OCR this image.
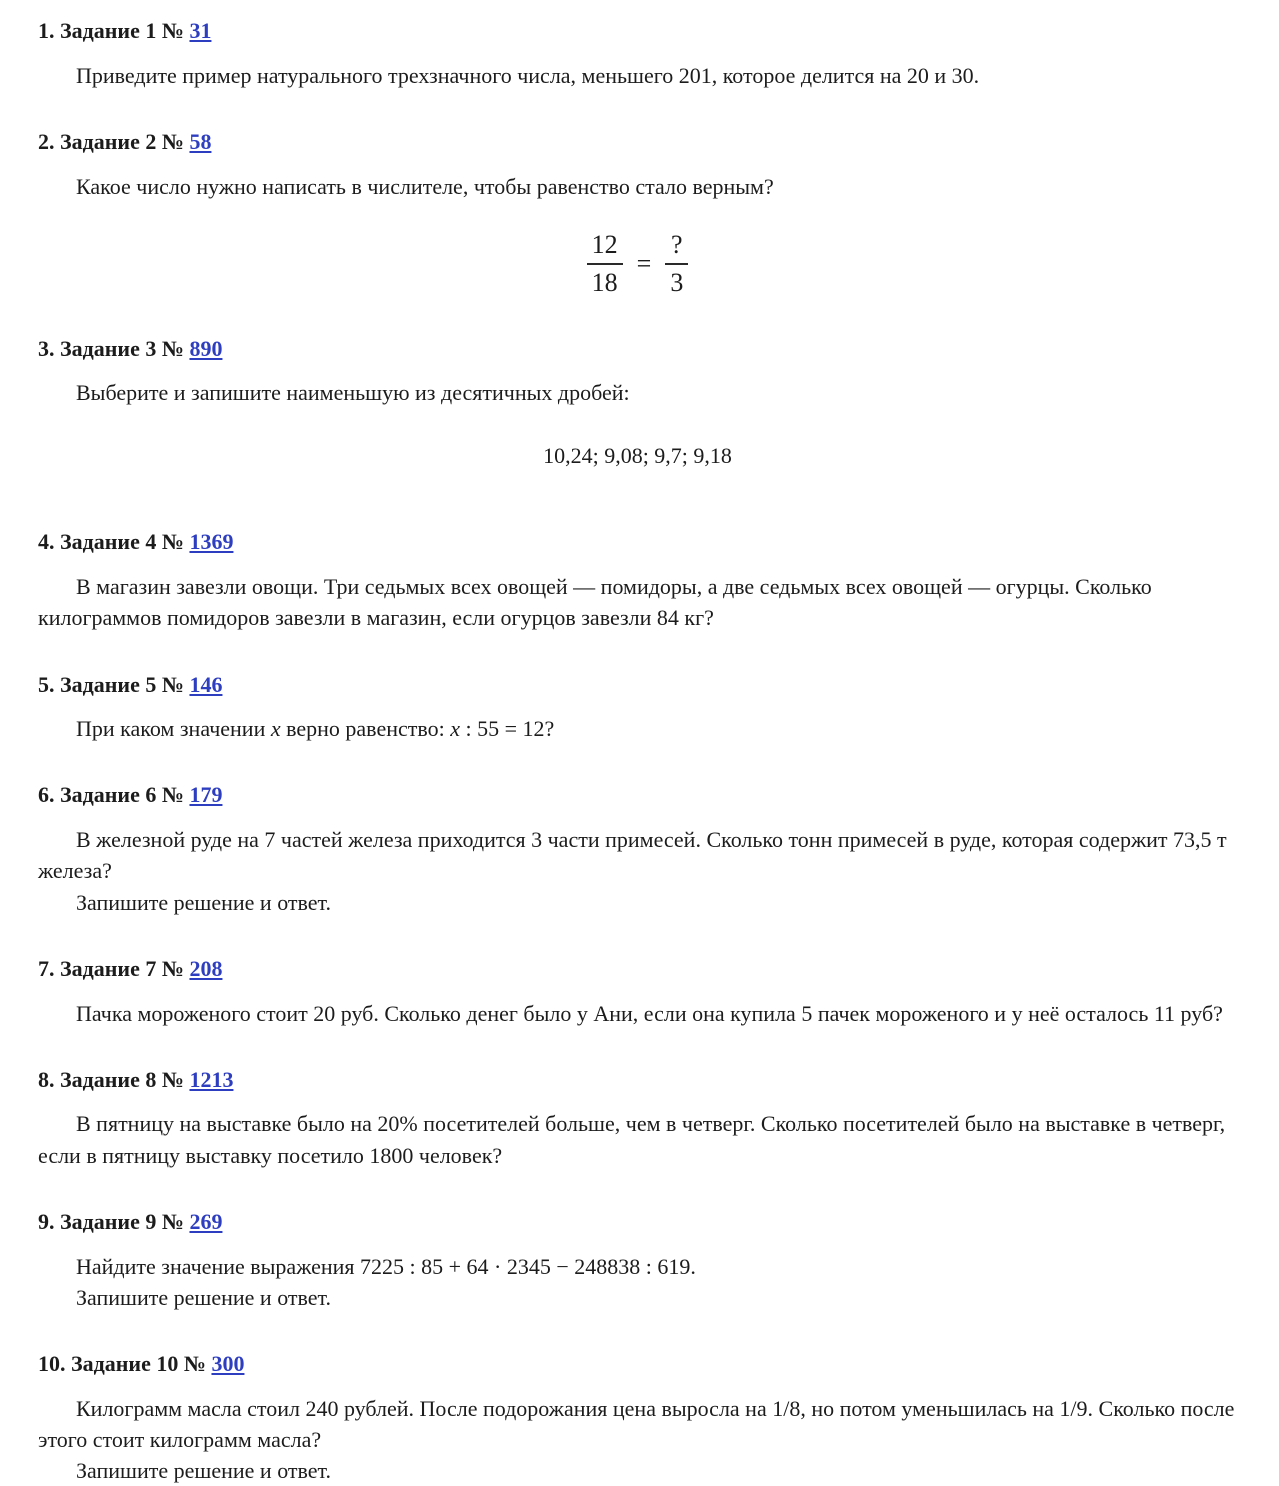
1. Задание 1 № 31

Приведите пример натурального трехзначного числа, меньшего 201, которое делится на 20 и 30.

2. Задание 2 № 58

Какое число нужно написать в числителе, чтобы равенство стало верным?

$\frac{12}{18} = \frac{?}{3}$
3. Задание 3 № 890

Выберите и запишите наименьшую из десятичных дробей:

10,24; 9,08; 9,7; 9,18
4. Задание 4 № 1369

В магазин завезли овощи. Три седьмых всех овощей — помидоры, а две седьмых всех овощей — огурцы. Сколько килограммов помидоров завезли в магазин, если огурцов завезли 84 кг?

5. Задание 5 № 146

При каком значении x верно равенство: x : 55 = 12?

6. Задание 6 № 179

В железной руде на 7 частей железа приходится 3 части примесей. Сколько тонн примесей в руде, которая содержит 73,5 т железа?

Запишите решение и ответ.

7. Задание 7 № 208

Пачка мороженого стоит 20 руб. Сколько денег было у Ани, если она купила 5 пачек мороженого и у неё осталось 11 руб?

8. Задание 8 № 1213

В пятницу на выставке было на 20% посетителей больше, чем в четверг. Сколько посетителей было на выставке в четверг, если в пятницу выставку посетило 1800 человек?

9. Задание 9 № 269

Найдите значение выражения 7225 : 85 + 64 · 2345 − 248838 : 619.

Запишите решение и ответ.

10. Задание 10 № 300

Килограмм масла стоил 240 рублей. После подорожания цена выросла на 1/8, но потом уменьшилась на 1/9. Сколько после этого стоит килограмм масла?

Запишите решение и ответ.
